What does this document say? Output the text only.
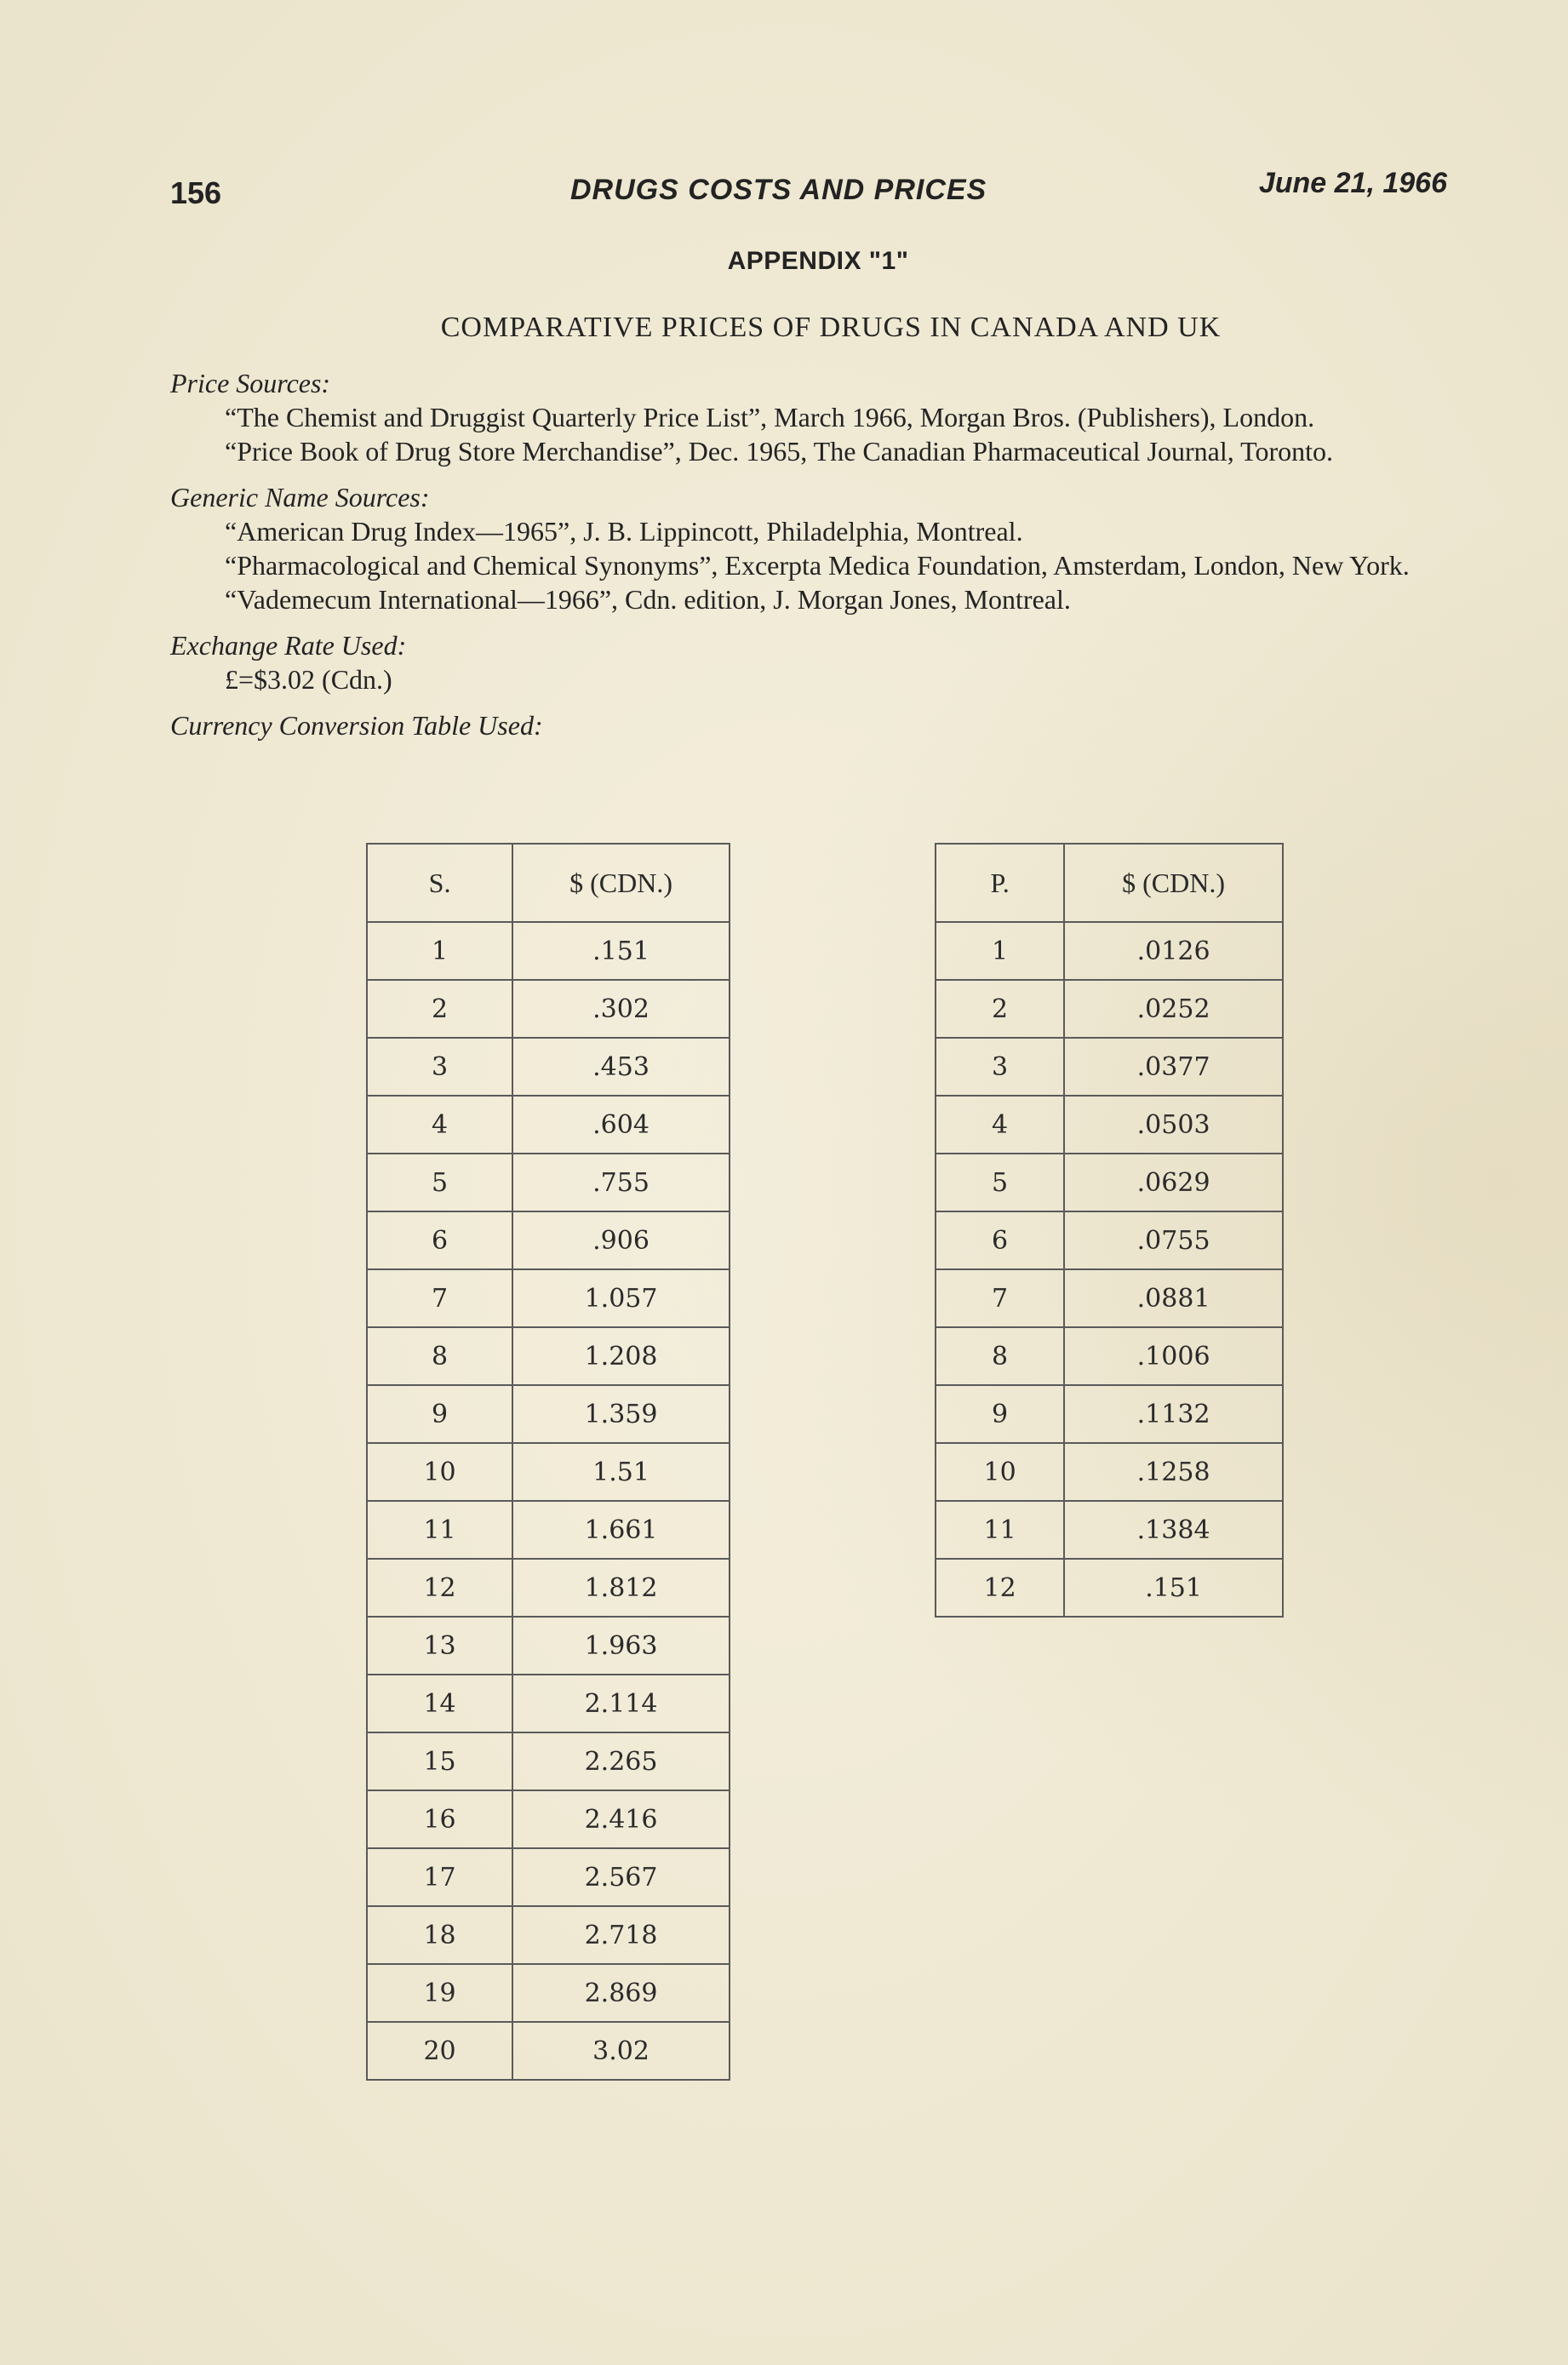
156	DRUGS COSTS AND PRICES	June 21, 1966
APPENDIX "1"
COMPARATIVE PRICES OF DRUGS IN CANADA AND UK
Price Sources:
“The Chemist and Druggist Quarterly Price List”, March 1966, Morgan Bros. (Publishers), London.
“Price Book of Drug Store Merchandise”, Dec. 1965, The Canadian Pharmaceutical Journal, Toronto.
Generic Name Sources:
“American Drug Index—1965”, J. B. Lippincott, Philadelphia, Montreal.
“Pharmacological and Chemical Synonyms”, Excerpta Medica Foundation, Amsterdam, London, New York.
“Vademecum International—1966”, Cdn. edition, J. Morgan Jones, Montreal.
Exchange Rate Used:
£=$3.02 (Cdn.)
Currency Conversion Table Used:
S.	$ (CDN.)
1	.151
2	.302
3	.453
4	.604
5	.755
6	.906
7	1.057
8	1.208
9	1.359
10	1.51
11	1.661
12	1.812
13	1.963
14	2.114
15	2.265
16	2.416
17	2.567
18	2.718
19	2.869
20	3.02
P.	$ (CDN.)
1	.0126
2	.0252
3	.0377
4	.0503
5	.0629
6	.0755
7	.0881
8	.1006
9	.1132
10	.1258
11	.1384
12	.151
